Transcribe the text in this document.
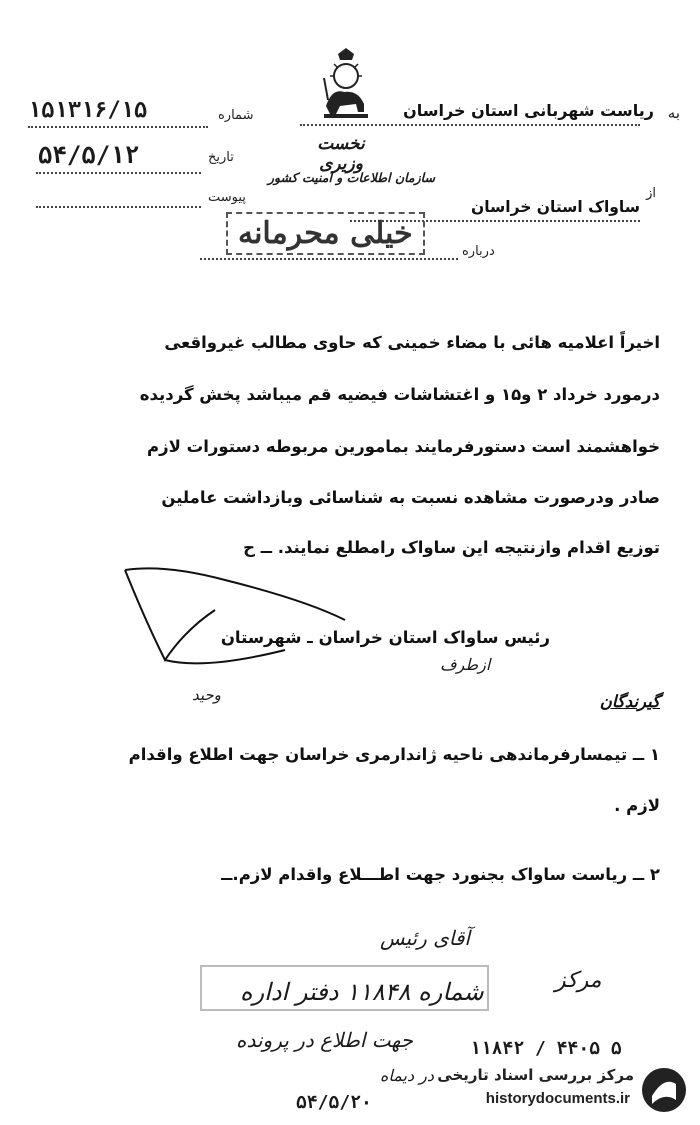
به
ریاست شهربانی استان خراسان
نخست وزیری
سازمان اطلاعات و امنیت کشور
شماره
۱۵۱۳۱۶/۱۵
تاریخ
۵۴/۵/۱۲
پیوست	از
ساواک استان خراسان
درباره
خیلی محرمانه
اخیراً اعلامیه هائی با مضاء خمینی که حاوی مطالب غیرواقعی
درمورد خرداد ۲ و۱۵ و اغتشاشات فیضیه قم میباشد پخش گردیده
خواهشمند است دستورفرمایند بمامورین مربوطه دستورات لازم
صادر ودرصورت مشاهده نسبت به شناسائی وبازداشت عاملین
توزیع اقدام وازنتیجه این ساواک رامطلع نمایند. ــ ح
رئیس ساواک استان خراسان ـ شهرستان
ازطرف
وحید	گیرندگان
۱ ــ تیمسارفرماندهی ناحیه ژاندارمری خراسان جهت اطلاع واقدام
لازم .
۲ ــ ریاست ساواک بجنورد جهت اطـــلاع واقدام لازم.ــ
آقای رئیس
مرکز
شماره ۱۱۸۴۸ دفتر اداره
جهت اطلاع در پرونده	۱۱۸۴۲ / ۴۴۰۵ ۵
در دیماه
۵۴/۵/۲۰
مرکز بررسی اسناد تاریخی
historydocuments.ir
